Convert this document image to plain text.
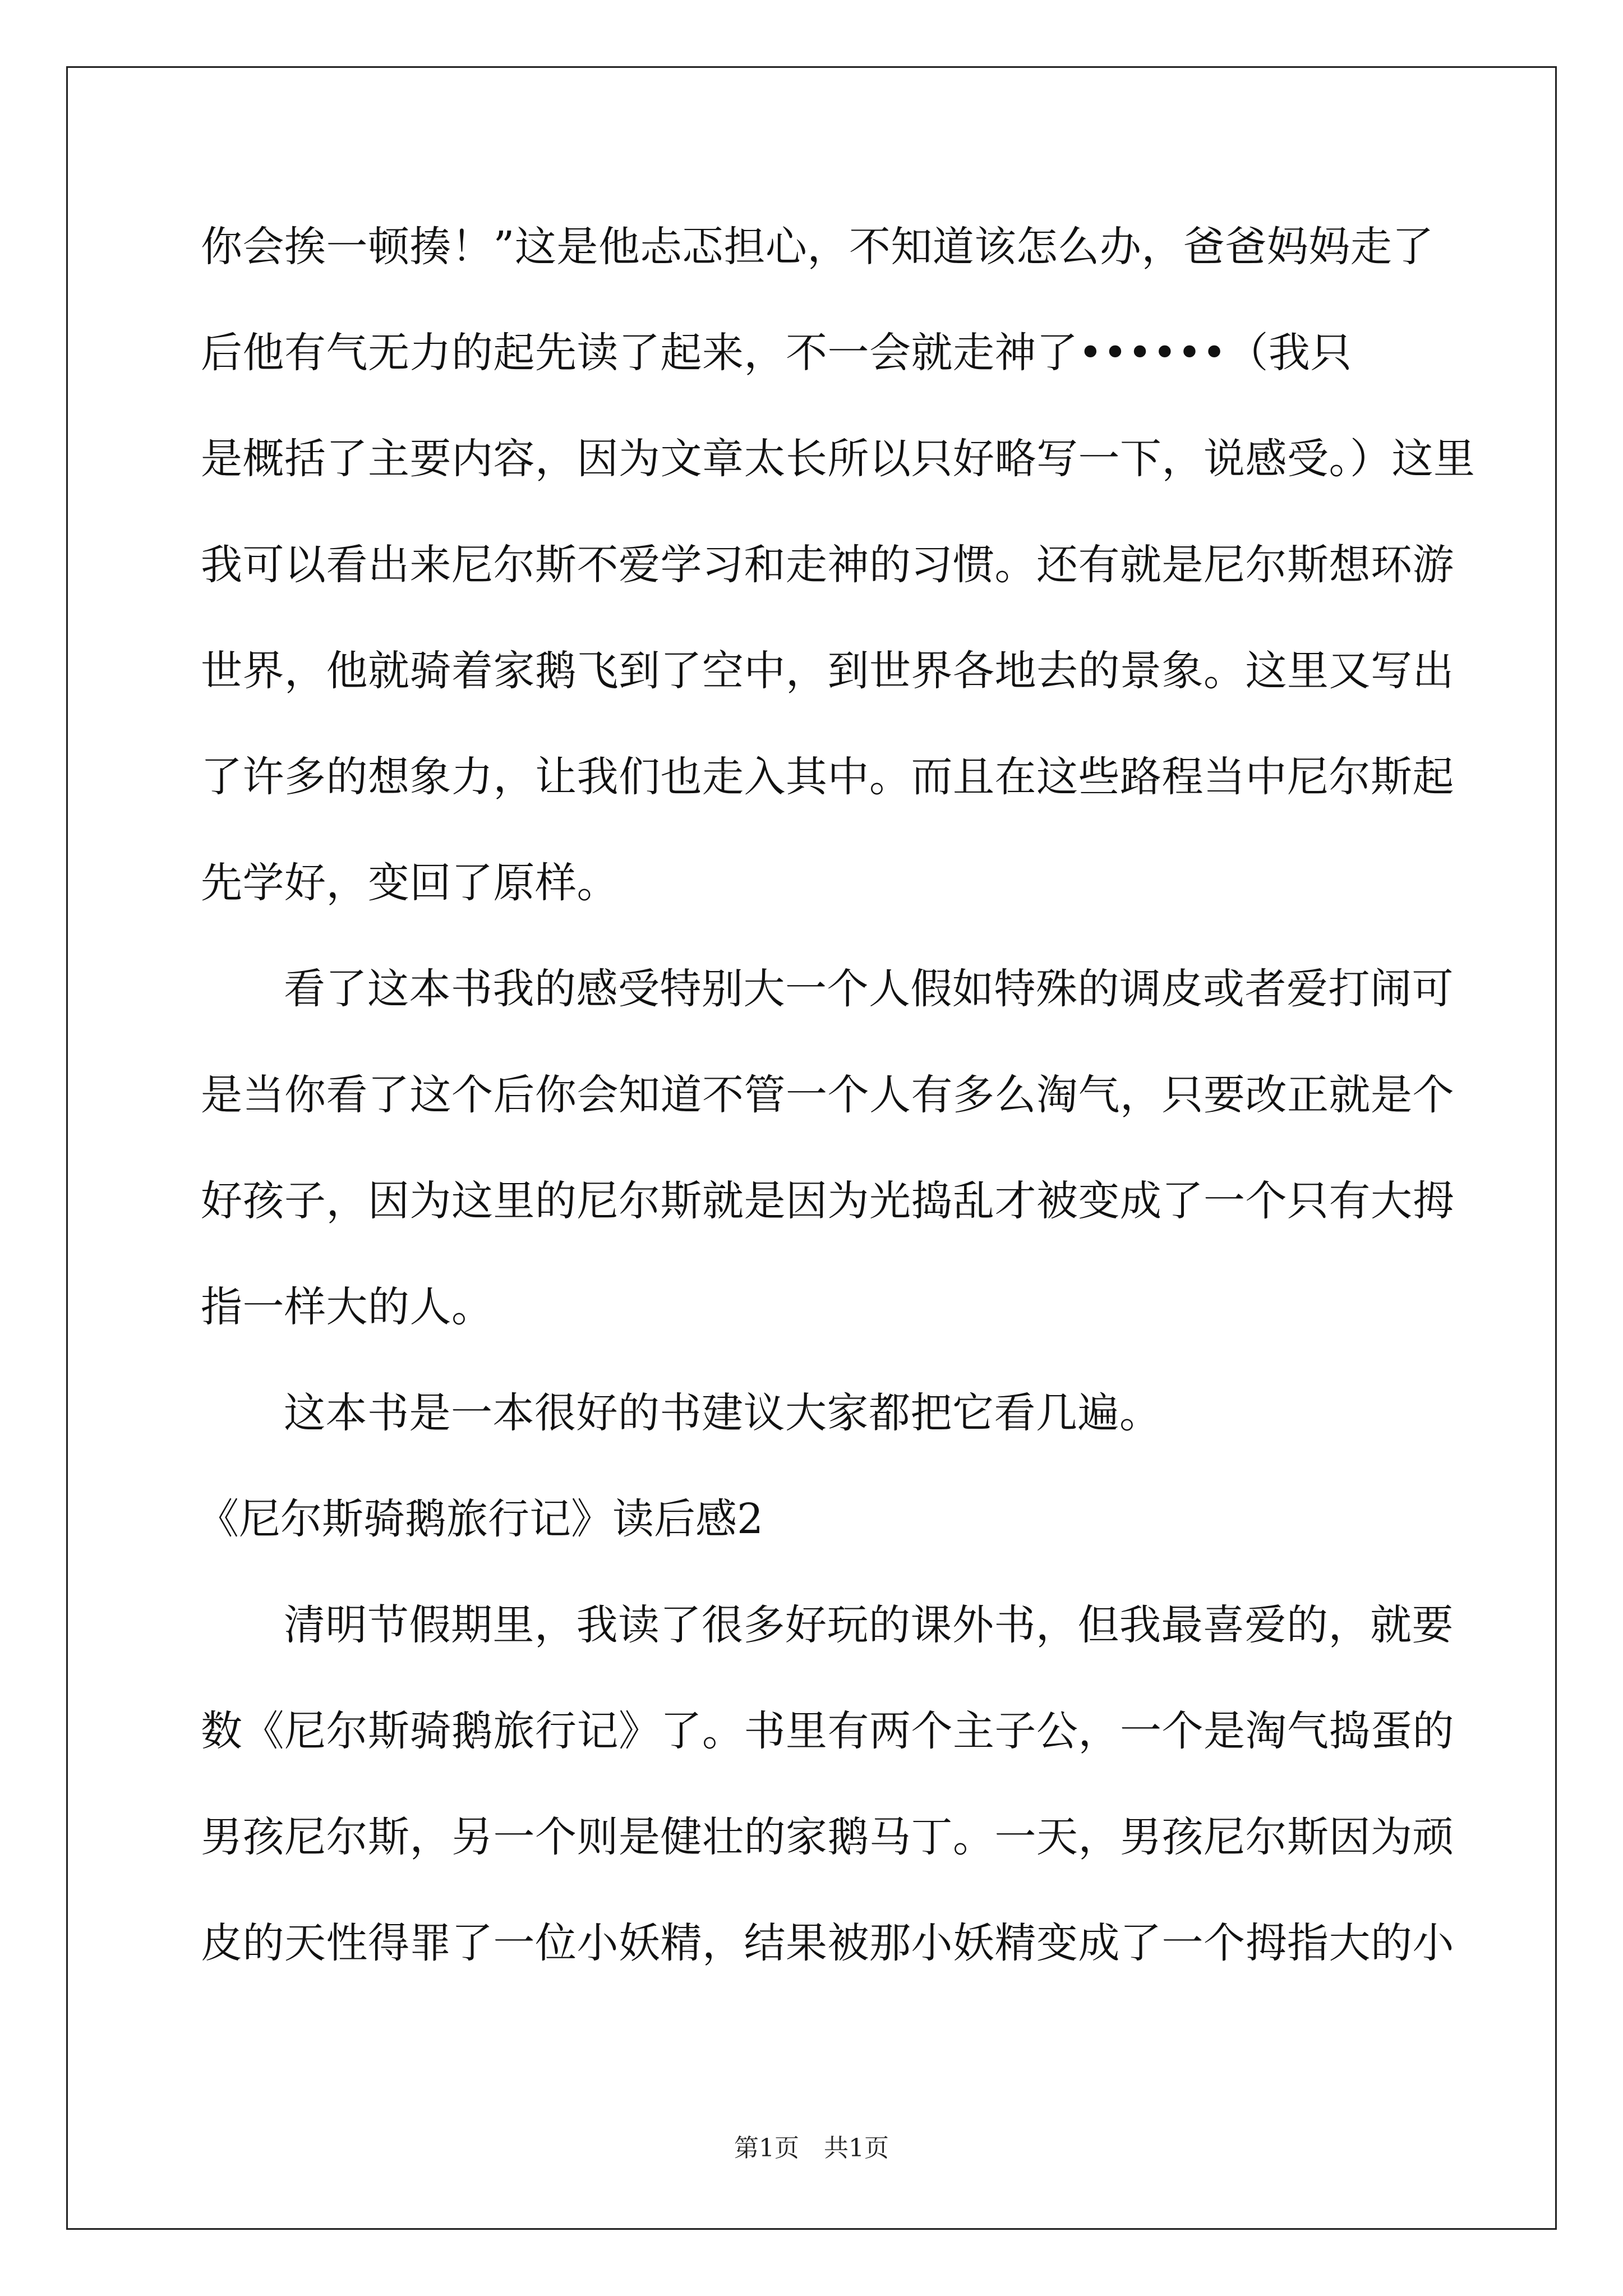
你会挨一顿揍！”这是他忐忑担心，不知道该怎么办，爸爸妈妈走了
后他有气无力的起先读了起来，不一会就走神了••••••（我只
是概括了主要内容，因为文章太长所以只好略写一下，说感受。）这里
我可以看出来尼尔斯不爱学习和走神的习惯。还有就是尼尔斯想环游
世界，他就骑着家鹅飞到了空中，到世界各地去的景象。这里又写出
了许多的想象力，让我们也走入其中。而且在这些路程当中尼尔斯起
先学好，变回了原样。
看了这本书我的感受特别大一个人假如特殊的调皮或者爱打闹可
是当你看了这个后你会知道不管一个人有多么淘气，只要改正就是个
好孩子，因为这里的尼尔斯就是因为光捣乱才被变成了一个只有大拇
指一样大的人。
这本书是一本很好的书建议大家都把它看几遍。
《尼尔斯骑鹅旅行记》读后感2
清明节假期里，我读了很多好玩的课外书，但我最喜爱的，就要
数《尼尔斯骑鹅旅行记》了。书里有两个主子公，一个是淘气捣蛋的
男孩尼尔斯，另一个则是健壮的家鹅马丁。一天，男孩尼尔斯因为顽
皮的天性得罪了一位小妖精，结果被那小妖精变成了一个拇指大的小
第1页　共1页
